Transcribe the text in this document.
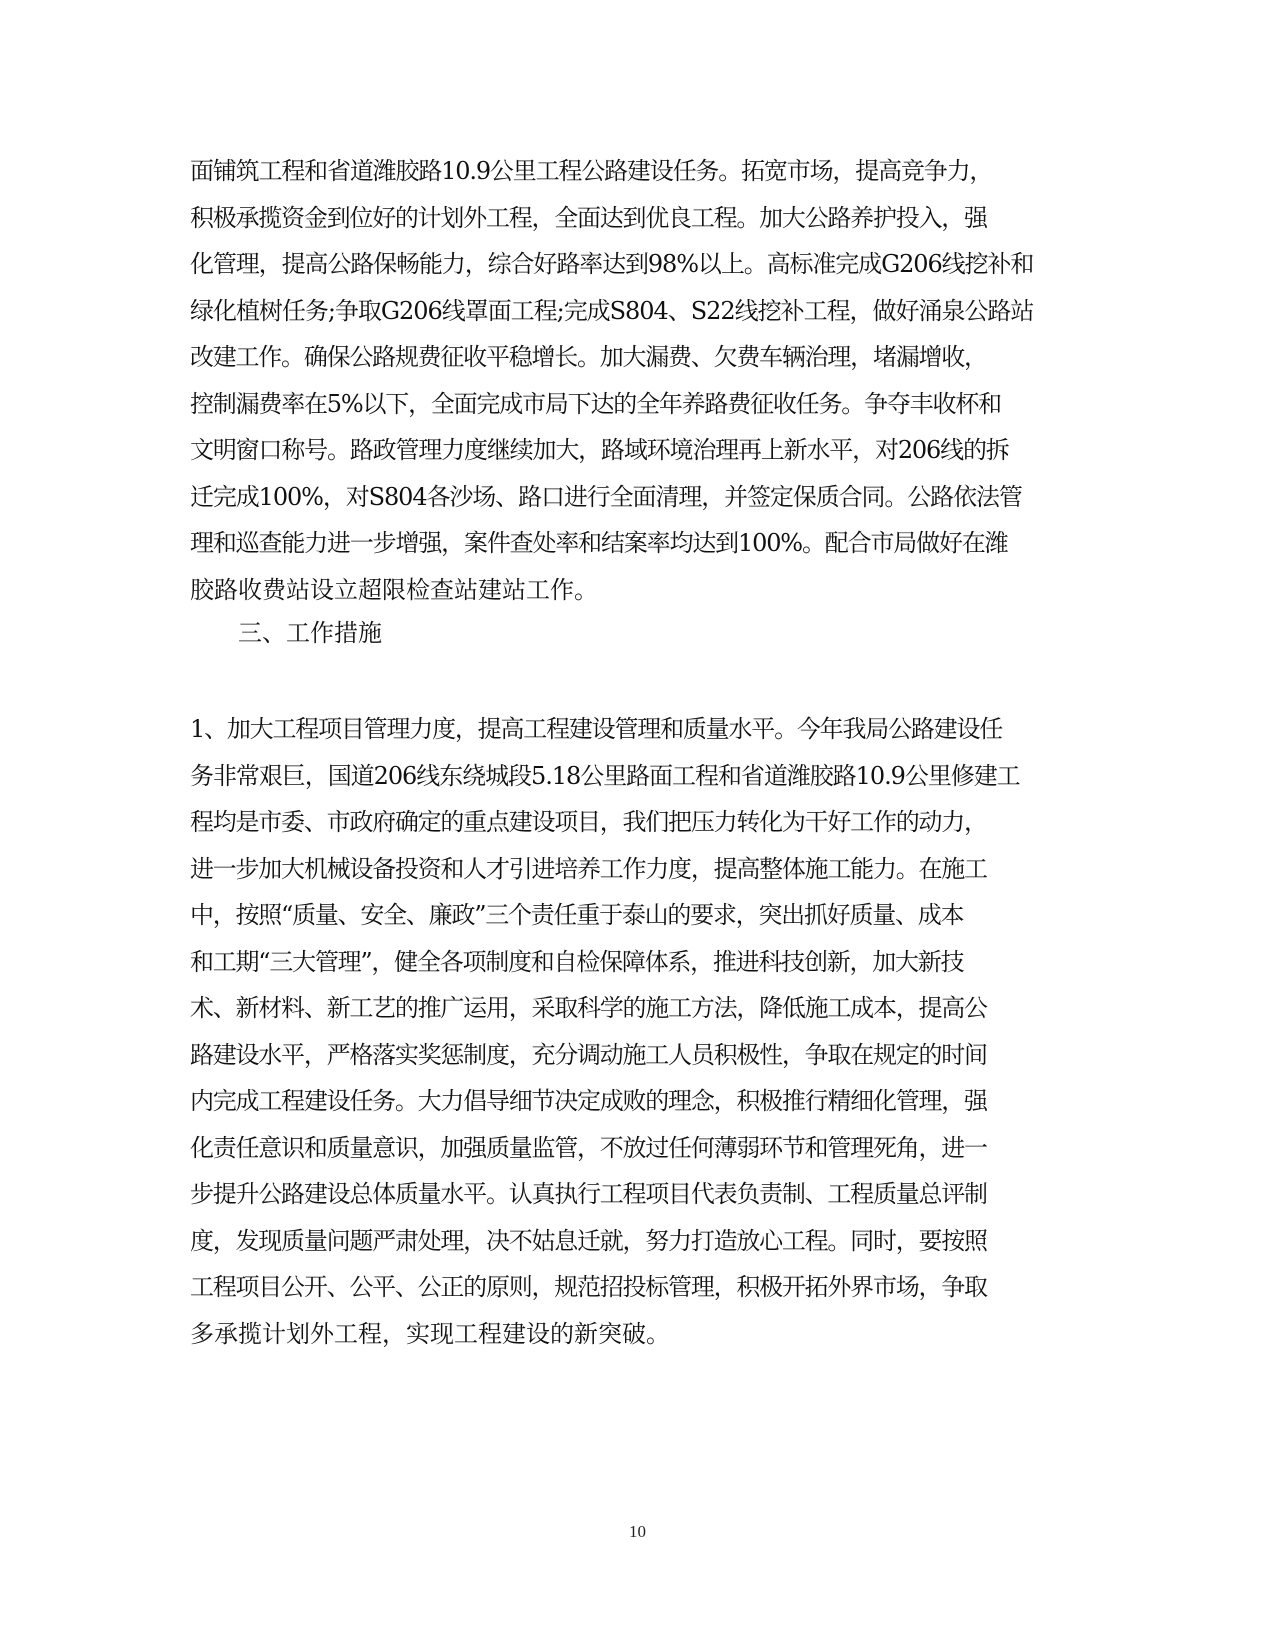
面铺筑工程和省道潍胶路10.9公里工程公路建设任务。拓宽市场，提高竞争力，
积极承揽资金到位好的计划外工程，全面达到优良工程。加大公路养护投入，强
化管理，提高公路保畅能力，综合好路率达到98%以上。高标准完成G206线挖补和
绿化植树任务;争取G206线罩面工程;完成S804、S22线挖补工程，做好涌泉公路站
改建工作。确保公路规费征收平稳增长。加大漏费、欠费车辆治理，堵漏增收，
控制漏费率在5%以下，全面完成市局下达的全年养路费征收任务。争夺丰收杯和
文明窗口称号。路政管理力度继续加大，路域环境治理再上新水平，对206线的拆
迁完成100%，对S804各沙场、路口进行全面清理，并签定保质合同。公路依法管
理和巡查能力进一步增强，案件查处率和结案率均达到100%。配合市局做好在潍
胶路收费站设立超限检查站建站工作。
　　三、工作措施
1、加大工程项目管理力度，提高工程建设管理和质量水平。今年我局公路建设任
务非常艰巨，国道206线东绕城段5.18公里路面工程和省道潍胶路10.9公里修建工
程均是市委、市政府确定的重点建设项目，我们把压力转化为干好工作的动力，
进一步加大机械设备投资和人才引进培养工作力度，提高整体施工能力。在施工
中，按照“质量、安全、廉政”三个责任重于泰山的要求，突出抓好质量、成本
和工期“三大管理”，健全各项制度和自检保障体系，推进科技创新，加大新技
术、新材料、新工艺的推广运用，采取科学的施工方法，降低施工成本，提高公
路建设水平，严格落实奖惩制度，充分调动施工人员积极性，争取在规定的时间
内完成工程建设任务。大力倡导细节决定成败的理念，积极推行精细化管理，强
化责任意识和质量意识，加强质量监管，不放过任何薄弱环节和管理死角，进一
步提升公路建设总体质量水平。认真执行工程项目代表负责制、工程质量总评制
度，发现质量问题严肃处理，决不姑息迁就，努力打造放心工程。同时，要按照
工程项目公开、公平、公正的原则，规范招投标管理，积极开拓外界市场，争取
多承揽计划外工程，实现工程建设的新突破。
10
